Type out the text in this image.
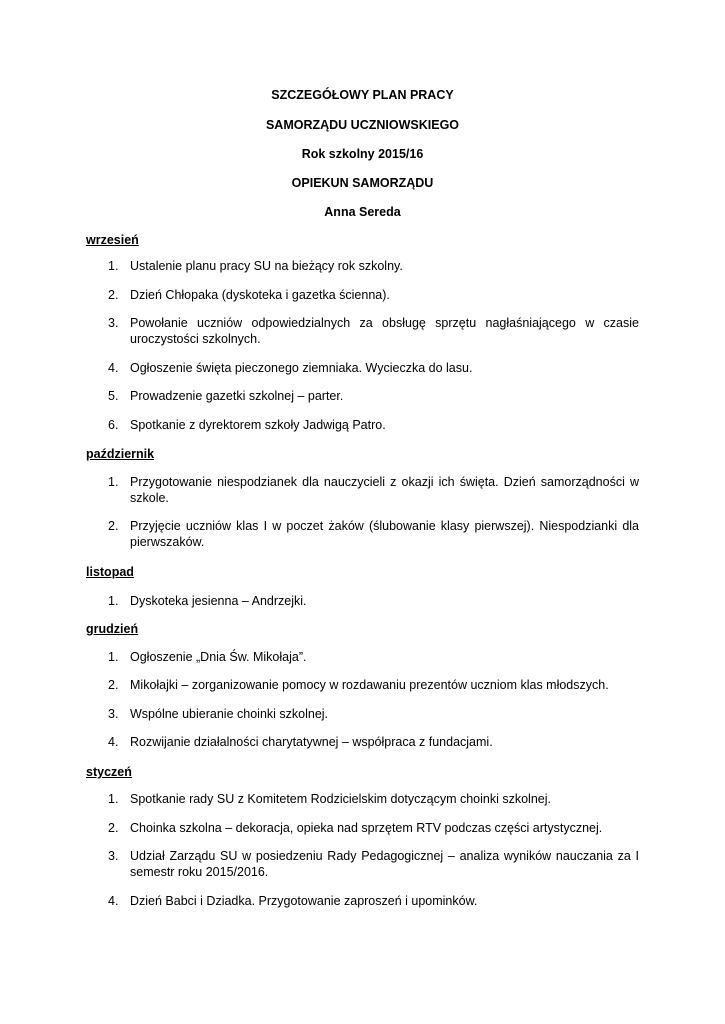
SZCZEGÓŁOWY PLAN PRACY
SAMORZĄDU UCZNIOWSKIEGO
Rok szkolny 2015/16
OPIEKUN SAMORZĄDU
Anna Sereda
wrzesień
1. Ustalenie planu pracy SU na bieżący rok szkolny.
2. Dzień Chłopaka (dyskoteka i gazetka ścienna).
3. Powołanie uczniów odpowiedzialnych za obsługę sprzętu nagłaśniającego w czasie uroczystości szkolnych.
4. Ogłoszenie święta pieczonego ziemniaka. Wycieczka do lasu.
5. Prowadzenie gazetki szkolnej – parter.
6. Spotkanie z dyrektorem szkoły Jadwigą Patro.
październik
1. Przygotowanie niespodzianek dla nauczycieli z okazji ich święta. Dzień samorządności w szkole.
2. Przyjęcie uczniów klas I w poczet żaków (ślubowanie klasy pierwszej). Niespodzianki dla pierwszaków.
listopad
1. Dyskoteka jesienna – Andrzejki.
grudzień
1. Ogłoszenie „Dnia Św. Mikołaja”.
2. Mikołajki – zorganizowanie pomocy w rozdawaniu prezentów uczniom klas młodszych.
3. Wspólne ubieranie choinki szkolnej.
4. Rozwijanie działalności charytatywnej – współpraca z fundacjami.
styczeń
1. Spotkanie rady SU z Komitetem Rodzicielskim dotyczącym choinki szkolnej.
2. Choinka szkolna – dekoracja, opieka nad sprzętem RTV podczas części artystycznej.
3. Udział Zarządu SU w posiedzeniu Rady Pedagogicznej – analiza wyników nauczania za I semestr roku 2015/2016.
4. Dzień Babci i Dziadka. Przygotowanie zaproszeń i upominków.
